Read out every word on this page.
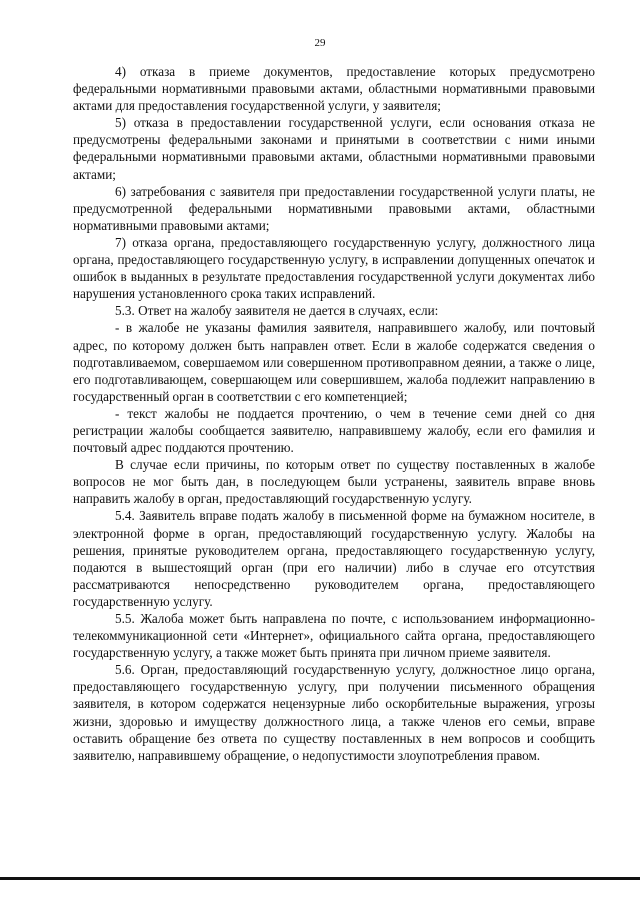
29

4) отказа в приеме документов, предоставление которых предусмотрено федеральными нормативными правовыми актами, областными нормативными правовыми актами для предоставления государственной услуги, у заявителя;

5) отказа в предоставлении государственной услуги, если основания отказа не предусмотрены федеральными законами и принятыми в соответствии с ними иными федеральными нормативными правовыми актами, областными нормативными правовыми актами;

6) затребования с заявителя при предоставлении государственной услуги платы, не предусмотренной федеральными нормативными правовыми актами, областными нормативными правовыми актами;

7) отказа органа, предоставляющего государственную услугу, должностного лица органа, предоставляющего государственную услугу, в исправлении допущенных опечаток и ошибок в выданных в результате предоставления государственной услуги документах либо нарушения установленного срока таких исправлений.

5.3. Ответ на жалобу заявителя не дается в случаях, если:

- в жалобе не указаны фамилия заявителя, направившего жалобу, или почтовый адрес, по которому должен быть направлен ответ. Если в жалобе содержатся сведения о подготавливаемом, совершаемом или совершенном противоправном деянии, а также о лице, его подготавливающем, совершающем или совершившем, жалоба подлежит направлению в государственный орган в соответствии с его компетенцией;

- текст жалобы не поддается прочтению, о чем в течение семи дней со дня регистрации жалобы сообщается заявителю, направившему жалобу, если его фамилия и почтовый адрес поддаются прочтению.

В случае если причины, по которым ответ по существу поставленных в жалобе вопросов не мог быть дан, в последующем были устранены, заявитель вправе вновь направить жалобу в орган, предоставляющий государственную услугу.

5.4. Заявитель вправе подать жалобу в письменной форме на бумажном носителе, в электронной форме в орган, предоставляющий государственную услугу. Жалобы на решения, принятые руководителем органа, предоставляющего государственную услугу, подаются в вышестоящий орган (при его наличии) либо в случае его отсутствия рассматриваются непосредственно руководителем органа, предоставляющего государственную услугу.

5.5. Жалоба может быть направлена по почте, с использованием информационно-телекоммуникационной сети «Интернет», официального сайта органа, предоставляющего государственную услугу, а также может быть принята при личном приеме заявителя.

5.6. Орган, предоставляющий государственную услугу, должностное лицо органа, предоставляющего государственную услугу, при получении письменного обращения заявителя, в котором содержатся нецензурные либо оскорбительные выражения, угрозы жизни, здоровью и имуществу должностного лица, а также членов его семьи, вправе оставить обращение без ответа по существу поставленных в нем вопросов и сообщить заявителю, направившему обращение, о недопустимости злоупотребления правом.
